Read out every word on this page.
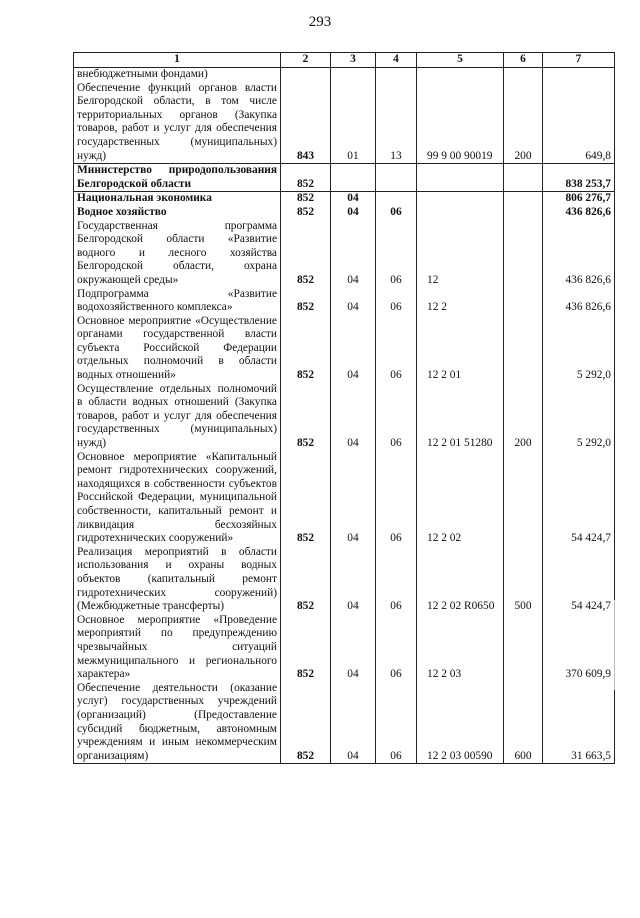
293
1	2	3	4	5	6	7
внебюджетными фондами)						
Обеспечение функций органов власти Белгородской области, в том числе территориальных органов (Закупка товаров, работ и услуг для обеспечения государственных (муниципальных) нужд)	843	01	13	99 9 00 90019	200	649,8
Министерство природопользования Белгородской области	852					838 253,7
Национальная экономика	852	04				806 276,7
Водное хозяйство	852	04	06			436 826,6
Государственная программа Белгородской области «Развитие водного и лесного хозяйства Белгородской области, охрана окружающей среды»	852	04	06	12		436 826,6
Подпрограмма «Развитие водохозяйственного комплекса»	852	04	06	12 2		436 826,6
Основное мероприятие «Осуществление органами государственной власти субъекта Российской Федерации отдельных полномочий в области водных отношений»	852	04	06	12 2 01		5 292,0
Осуществление отдельных полномочий в области водных отношений (Закупка товаров, работ и услуг для обеспечения государственных (муниципальных) нужд)	852	04	06	12 2 01 51280	200	5 292,0
Основное мероприятие «Капитальный ремонт гидротехнических сооружений, находящихся в собственности субъектов Российской Федерации, муниципальной собственности, капитальный ремонт и ликвидация бесхозяйных гидротехнических сооружений»	852	04	06	12 2 02		54 424,7
Реализация мероприятий в области использования и охраны водных объектов (капитальный ремонт гидротехнических сооружений) (Межбюджетные трансферты)	852	04	06	12 2 02 R0650	500	54 424,7
Основное мероприятие «Проведение мероприятий по предупреждению чрезвычайных ситуаций межмуниципального и регионального характера»	852	04	06	12 2 03		370 609,9
Обеспечение деятельности (оказание услуг) государственных учреждений (организаций) (Предоставление субсидий бюджетным, автономным учреждениям и иным некоммерческим организациям)	852	04	06	12 2 03 00590	600	31 663,5
